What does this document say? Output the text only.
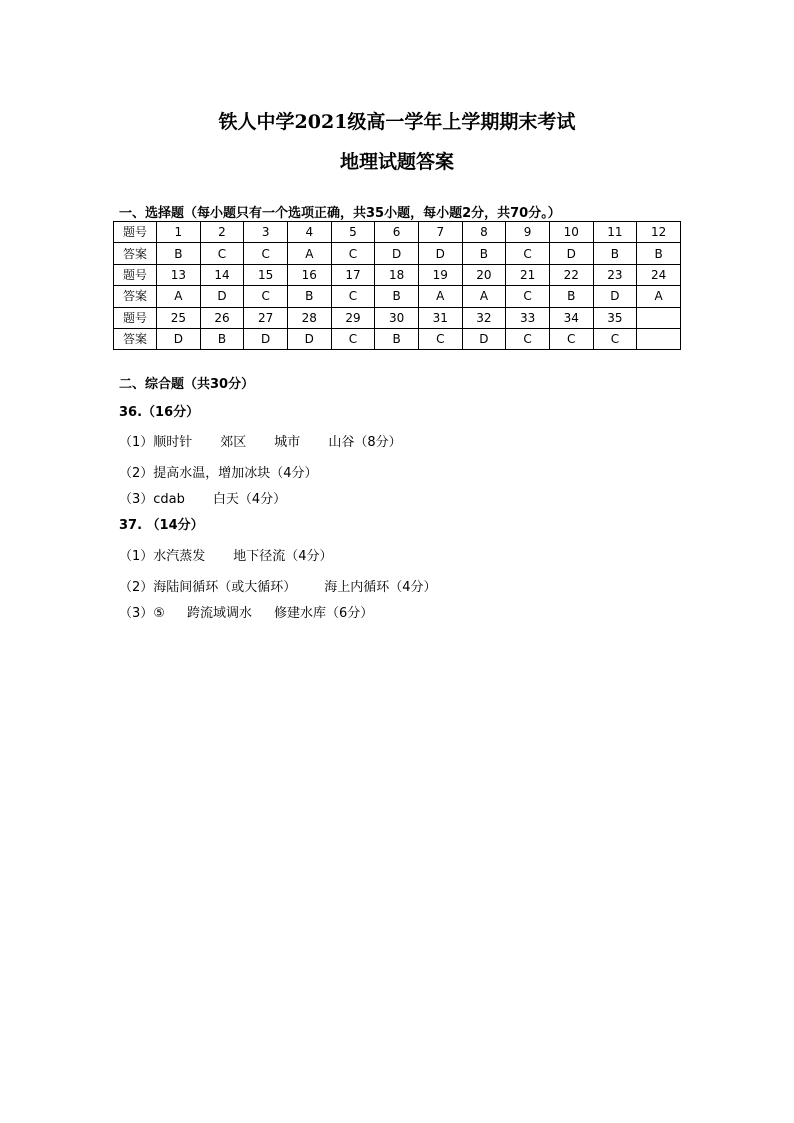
铁人中学2021级高一学年上学期期末考试
地理试题答案
一、选择题（每小题只有一个选项正确，共35小题，每小题2分，共70分。）
题号	1	2	3	4	5	6	7	8	9	10	11	12
答案	B	C	C	A	C	D	D	B	C	D	B	B
题号	13	14	15	16	17	18	19	20	21	22	23	24
答案	A	D	C	B	C	B	A	A	C	B	D	A
题号	25	26	27	28	29	30	31	32	33	34	35	
答案	D	B	D	D	C	B	C	D	C	C	C	
二、综合题（共30分）
36.（16分）
（1）顺时针 郊区 城市 山谷（8分）
（2）提高水温，增加冰块（4分）
（3）cdab 白天（4分）
37. （14分）
（1）水汽蒸发 地下径流（4分）
（2）海陆间循环（或大循环） 海上内循环（4分）
（3）⑤ 跨流域调水 修建水库（6分）
